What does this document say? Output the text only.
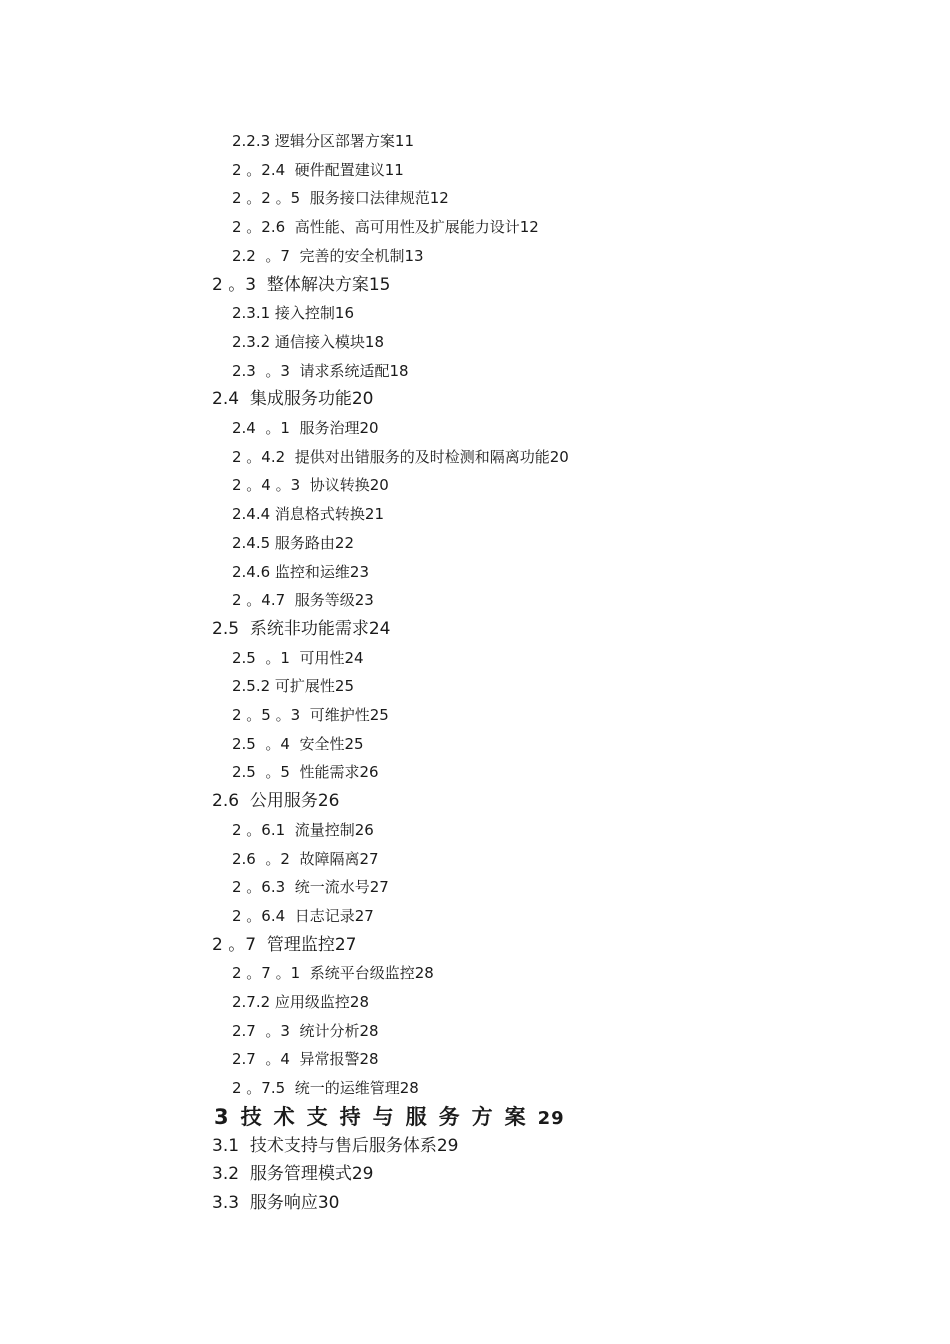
2.2.3 逻辑分区部署方案11
2 。2.4  硬件配置建议11
2 。2 。5  服务接口法律规范12
2 。2.6  高性能、高可用性及扩展能力设计12
2.2  。7  完善的安全机制13
2 。3  整体解决方案15
2.3.1 接入控制16
2.3.2 通信接入模块18
2.3  。3  请求系统适配18
2.4  集成服务功能20
2.4  。1  服务治理20
2 。4.2  提供对出错服务的及时检测和隔离功能20
2 。4 。3  协议转换20
2.4.4 消息格式转换21
2.4.5 服务路由22
2.4.6 监控和运维23
2 。4.7  服务等级23
2.5  系统非功能需求24
2.5  。1  可用性24
2.5.2 可扩展性25
2 。5 。3  可维护性25
2.5  。4  安全性25
2.5  。5  性能需求26
2.6  公用服务26
2 。6.1  流量控制26
2.6  。2  故障隔离27
2 。6.3  统一流水号27
2 。6.4  日志记录27
2 。7  管理监控27
2 。7 。1  系统平台级监控28
2.7.2 应用级监控28
2.7  。3  统计分析28
2.7  。4  异常报警28
2 。7.5  统一的运维管理28
3技术支持与服务方案29
3.1  技术支持与售后服务体系29
3.2  服务管理模式29
3.3  服务响应30
